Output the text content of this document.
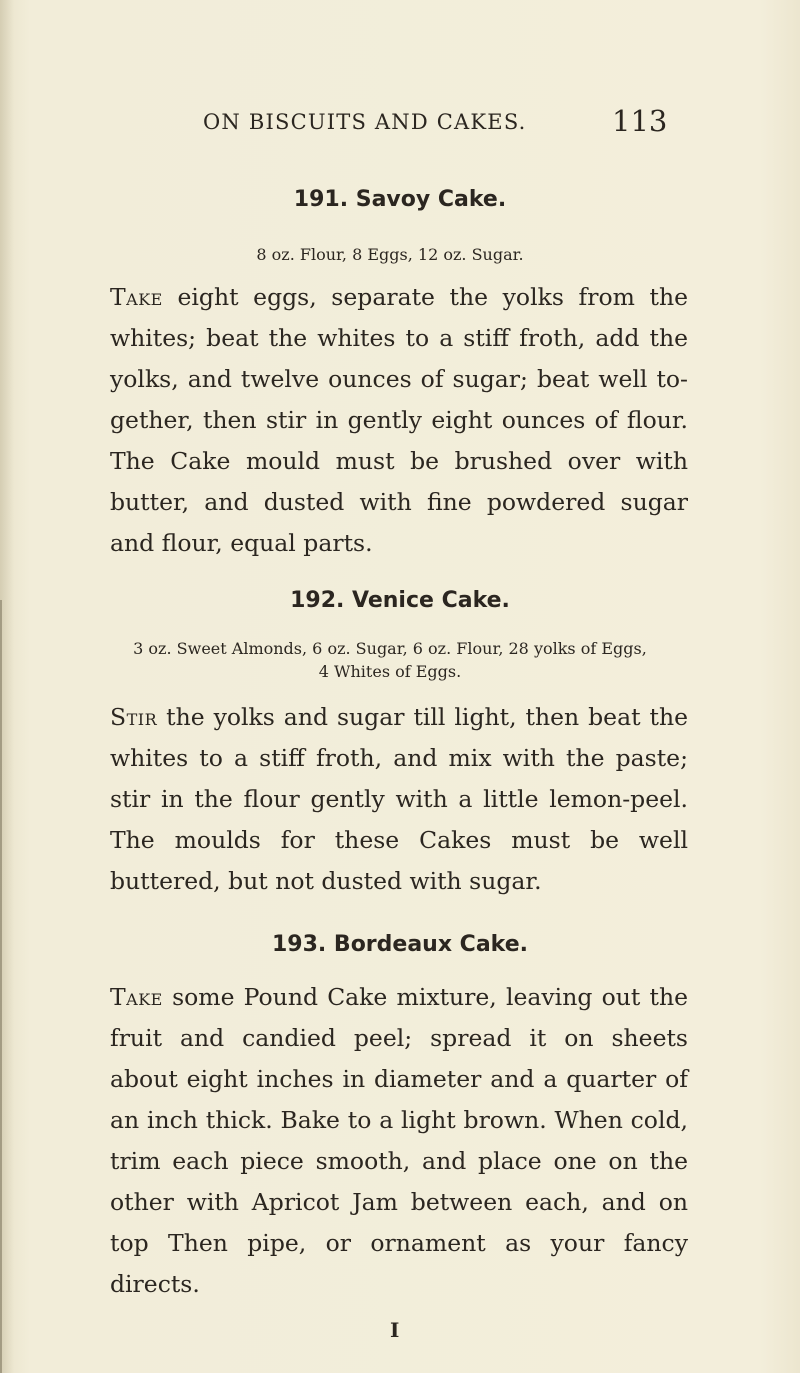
ON BISCUITS AND CAKES.	113
191. Savoy Cake.
8 oz. Flour, 8 Eggs, 12 oz. Sugar.
Take eight eggs, separate the yolks from the whites; beat the whites to a stiff froth, add the yolks, and twelve ounces of sugar; beat well to- gether, then stir in gently eight ounces of flour. The Cake mould must be brushed over with butter, and dusted with fine powdered sugar and flour, equal parts.
192. Venice Cake.
3 oz. Sweet Almonds, 6 oz. Sugar, 6 oz. Flour, 28 yolks of Eggs,
4 Whites of Eggs.
Stir the yolks and sugar till light, then beat the whites to a stiff froth, and mix with the paste; stir in the flour gently with a little lemon-peel. The moulds for these Cakes must be well buttered, but not dusted with sugar.
193. Bordeaux Cake.
Take some Pound Cake mixture, leaving out the fruit and candied peel; spread it on sheets about eight inches in diameter and a quarter of an inch thick. Bake to a light brown. When cold, trim each piece smooth, and place one on the other with Apricot Jam between each, and on top Then pipe, or ornament as your fancy directs.
I
